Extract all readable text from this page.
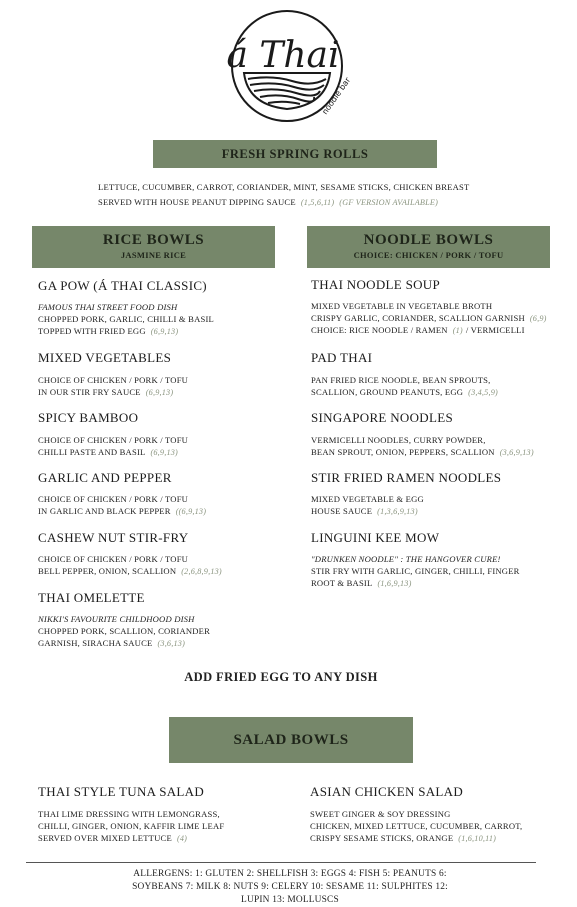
á Thai
noodle bar
FRESH SPRING ROLLS
LETTUCE, CUCUMBER, CARROT, CORIANDER, MINT, SESAME STICKS, CHICKEN BREAST
SERVED WITH HOUSE PEANUT DIPPING SAUCE (1,5,6,11) (GF VERSION AVAILABLE)
RICE BOWLS
JASMINE RICE
NOODLE BOWLS
CHOICE: CHICKEN / PORK / TOFU
GA POW (Á THAI CLASSIC)
FAMOUS THAI STREET FOOD DISH
CHOPPED PORK, GARLIC, CHILLI & BASIL
TOPPED WITH FRIED EGG (6,9,13)
MIXED VEGETABLES
CHOICE OF CHICKEN / PORK / TOFU
IN OUR STIR FRY SAUCE (6,9,13)
SPICY BAMBOO
CHOICE OF CHICKEN / PORK / TOFU
CHILLI PASTE AND BASIL (6,9,13)
GARLIC AND PEPPER
CHOICE OF CHICKEN / PORK / TOFU
IN GARLIC AND BLACK PEPPER ((6,9,13)
CASHEW NUT STIR-FRY
CHOICE OF CHICKEN / PORK / TOFU
BELL PEPPER, ONION, SCALLION (2,6,8,9,13)
THAI OMELETTE
NIKKI'S FAVOURITE CHILDHOOD DISH
CHOPPED PORK, SCALLION, CORIANDER
GARNISH, SIRACHA SAUCE (3,6,13)
THAI NOODLE SOUP
MIXED VEGETABLE IN VEGETABLE BROTH
CRISPY GARLIC, CORIANDER, SCALLION GARNISH (6,9)
CHOICE: RICE NOODLE / RAMEN (1) / VERMICELLI
PAD THAI
PAN FRIED RICE NOODLE, BEAN SPROUTS,
SCALLION, GROUND PEANUTS, EGG (3,4,5,9)
SINGAPORE NOODLES
VERMICELLI NOODLES, CURRY POWDER,
BEAN SPROUT, ONION, PEPPERS, SCALLION (3,6,9,13)
STIR FRIED RAMEN NOODLES
MIXED VEGETABLE & EGG
HOUSE SAUCE (1,3,6,9,13)
LINGUINI KEE MOW
"DRUNKEN NOODLE" : THE HANGOVER CURE!
STIR FRY WITH GARLIC, GINGER, CHILLI, FINGER
ROOT & BASIL (1,6,9,13)
ADD FRIED EGG TO ANY DISH
SALAD BOWLS
THAI STYLE TUNA SALAD
THAI LIME DRESSING WITH LEMONGRASS,
CHILLI, GINGER, ONION, KAFFIR LIME LEAF
SERVED OVER MIXED LETTUCE (4)
ASIAN CHICKEN SALAD
SWEET GINGER & SOY DRESSING
CHICKEN, MIXED LETTUCE, CUCUMBER, CARROT,
CRISPY SESAME STICKS, ORANGE (1,6,10,11)
ALLERGENS: 1: GLUTEN 2: SHELLFISH 3: EGGS 4: FISH 5: PEANUTS 6:
SOYBEANS 7: MILK 8: NUTS 9: CELERY 10: SESAME 11: SULPHITES 12:
LUPIN 13: MOLLUSCS
